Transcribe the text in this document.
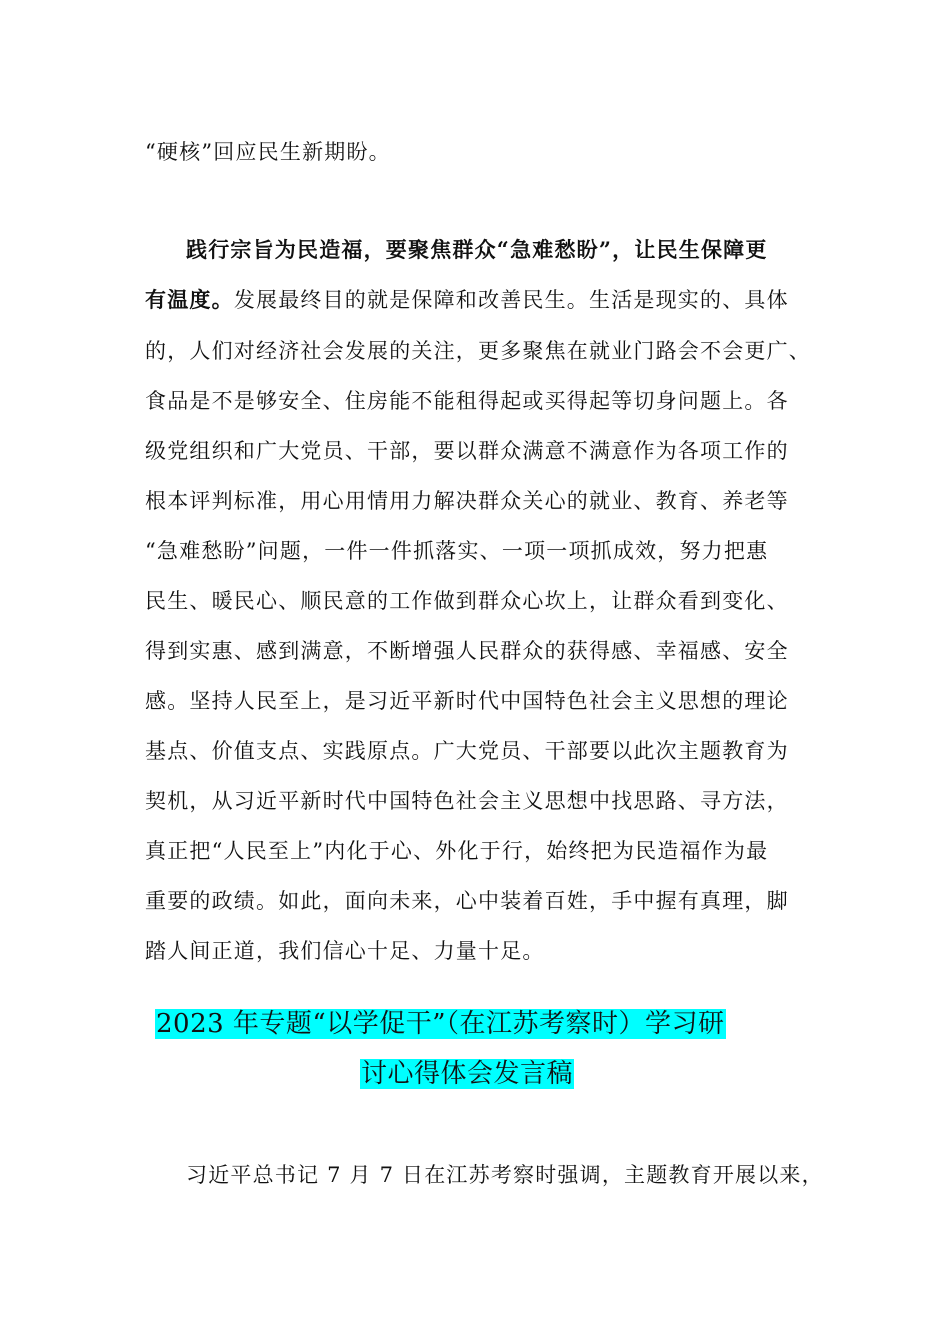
“硬核”回应民生新期盼。
践行宗旨为民造福，要聚焦群众“急难愁盼”，让民生保障更
有温度。发展最终目的就是保障和改善民生。生活是现实的、具体
的，人们对经济社会发展的关注，更多聚焦在就业门路会不会更广、
食品是不是够安全、住房能不能租得起或买得起等切身问题上。各
级党组织和广大党员、干部，要以群众满意不满意作为各项工作的
根本评判标准，用心用情用力解决群众关心的就业、教育、养老等
“急难愁盼”问题，一件一件抓落实、一项一项抓成效，努力把惠
民生、暖民心、顺民意的工作做到群众心坎上，让群众看到变化、
得到实惠、感到满意，不断增强人民群众的获得感、幸福感、安全
感。坚持人民至上，是习近平新时代中国特色社会主义思想的理论
基点、价值支点、实践原点。广大党员、干部要以此次主题教育为
契机，从习近平新时代中国特色社会主义思想中找思路、寻方法，
真正把“人民至上”内化于心、外化于行，始终把为民造福作为最
重要的政绩。如此，面向未来，心中装着百姓，手中握有真理，脚
踏人间正道，我们信心十足、力量十足。
2023 年专题“以学促干”（在江苏考察时）学习研
讨心得体会发言稿
习近平总书记 7 月 7 日在江苏考察时强调，主题教育开展以来，
